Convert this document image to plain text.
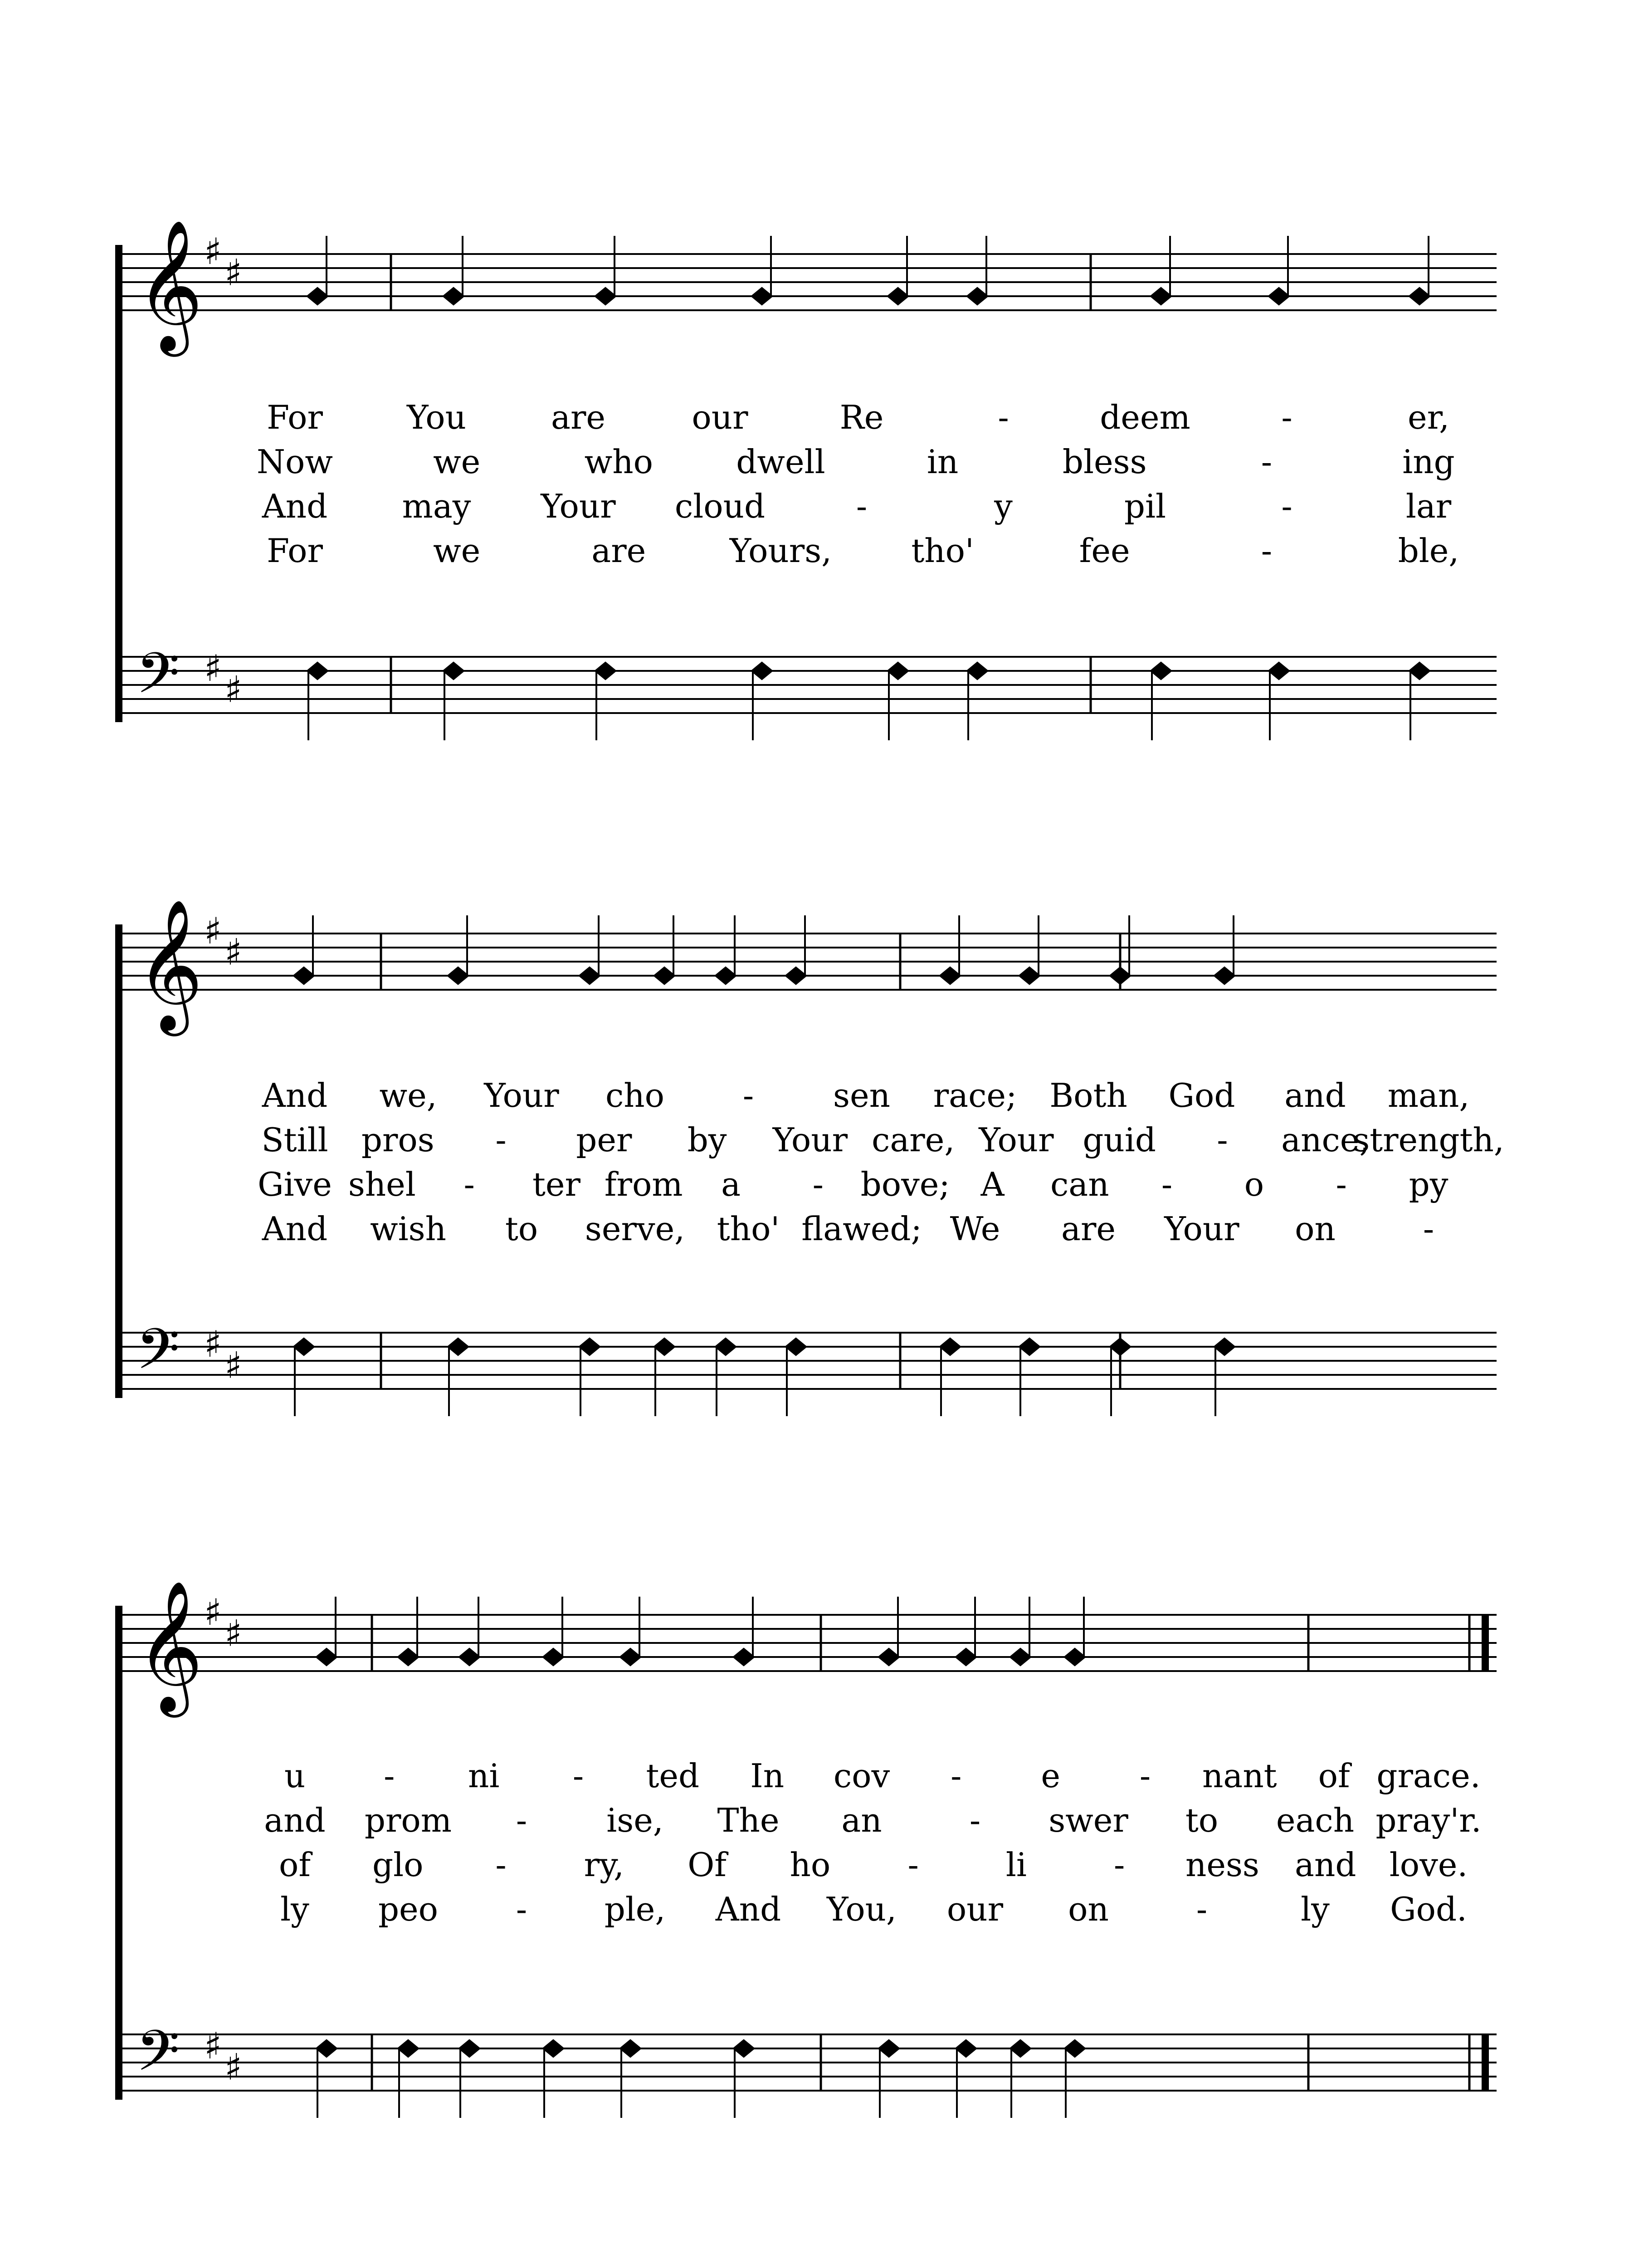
𝄞 ♯ ♯
𝄢 ♯ ♯
For	You	are	our	Re	-	deem	-	er,
Now	we	who	dwell	in	bless	-	ing
And may Your cloud	-	y	pil	-	lar
For	we	are	Yours, tho'	fee	-	ble,
𝄞 ♯ ♯
𝄢 ♯ ♯
And we, Your cho - sen race; Both God and man,
Still pros - per by Your care, Your guid - ance,
strength,
Give shel - ter from a - bove; A can - o - py
And wish to serve, tho' flawed; We are Your on	-
𝄞 ♯ ♯
𝄢 ♯ ♯
u - ni - ted In cov - e - nant of grace.
and prom - ise, The an	- swer to each pray'r.
of glo - ry, Of ho -	li	- ness and love.
ly peo - ple, And You, our on	-	ly God.
